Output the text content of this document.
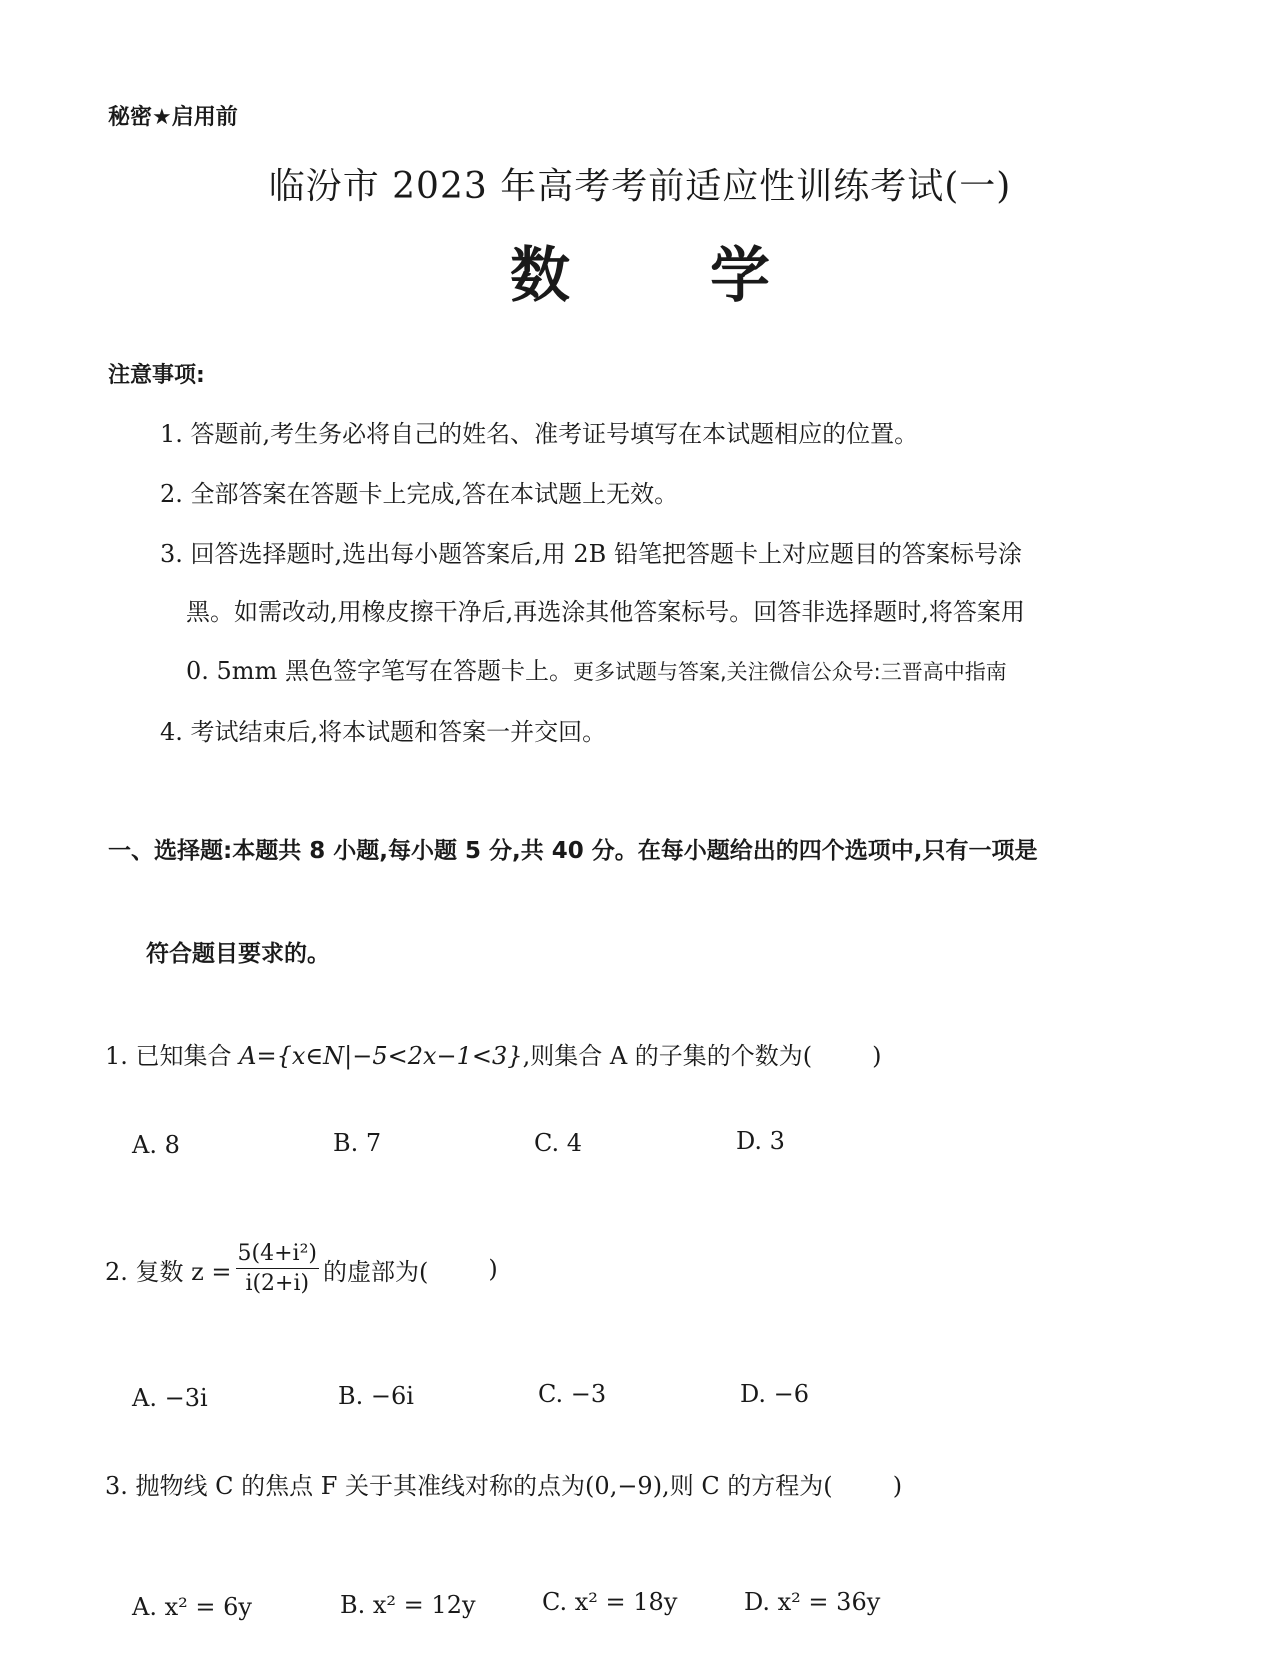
秘密★启用前
临汾市 2023 年高考考前适应性训练考试(一)
数学
注意事项:
1. 答题前,考生务必将自己的姓名、准考证号填写在本试题相应的位置。
2. 全部答案在答题卡上完成,答在本试题上无效。
3. 回答选择题时,选出每小题答案后,用 2B 铅笔把答题卡上对应题目的答案标号涂
黑。如需改动,用橡皮擦干净后,再选涂其他答案标号。回答非选择题时,将答案用
0. 5mm 黑色签字笔写在答题卡上。更多试题与答案,关注微信公众号:三晋高中指南
4. 考试结束后,将本试题和答案一并交回。
一、选择题:本题共 8 小题,每小题 5 分,共 40 分。在每小题给出的四个选项中,只有一项是
符合题目要求的。
1. 已知集合 A={x∈N|−5<2x−1<3},则集合 A 的子集的个数为(	)
A. 8	B. 7	C. 4	D. 3
2. 复数 $z = \frac{\text{5(4+i²)}}{i(2+i)}$ 的虚部为(	)
A. −3i	B. −6i	C. −3	D. −6
3. 抛物线 C 的焦点 F 关于其准线对称的点为(0,−9),则 C 的方程为(	)
A. x² = 6y	B. x² = 12y	C. x² = 18y	D. x² = 36y
